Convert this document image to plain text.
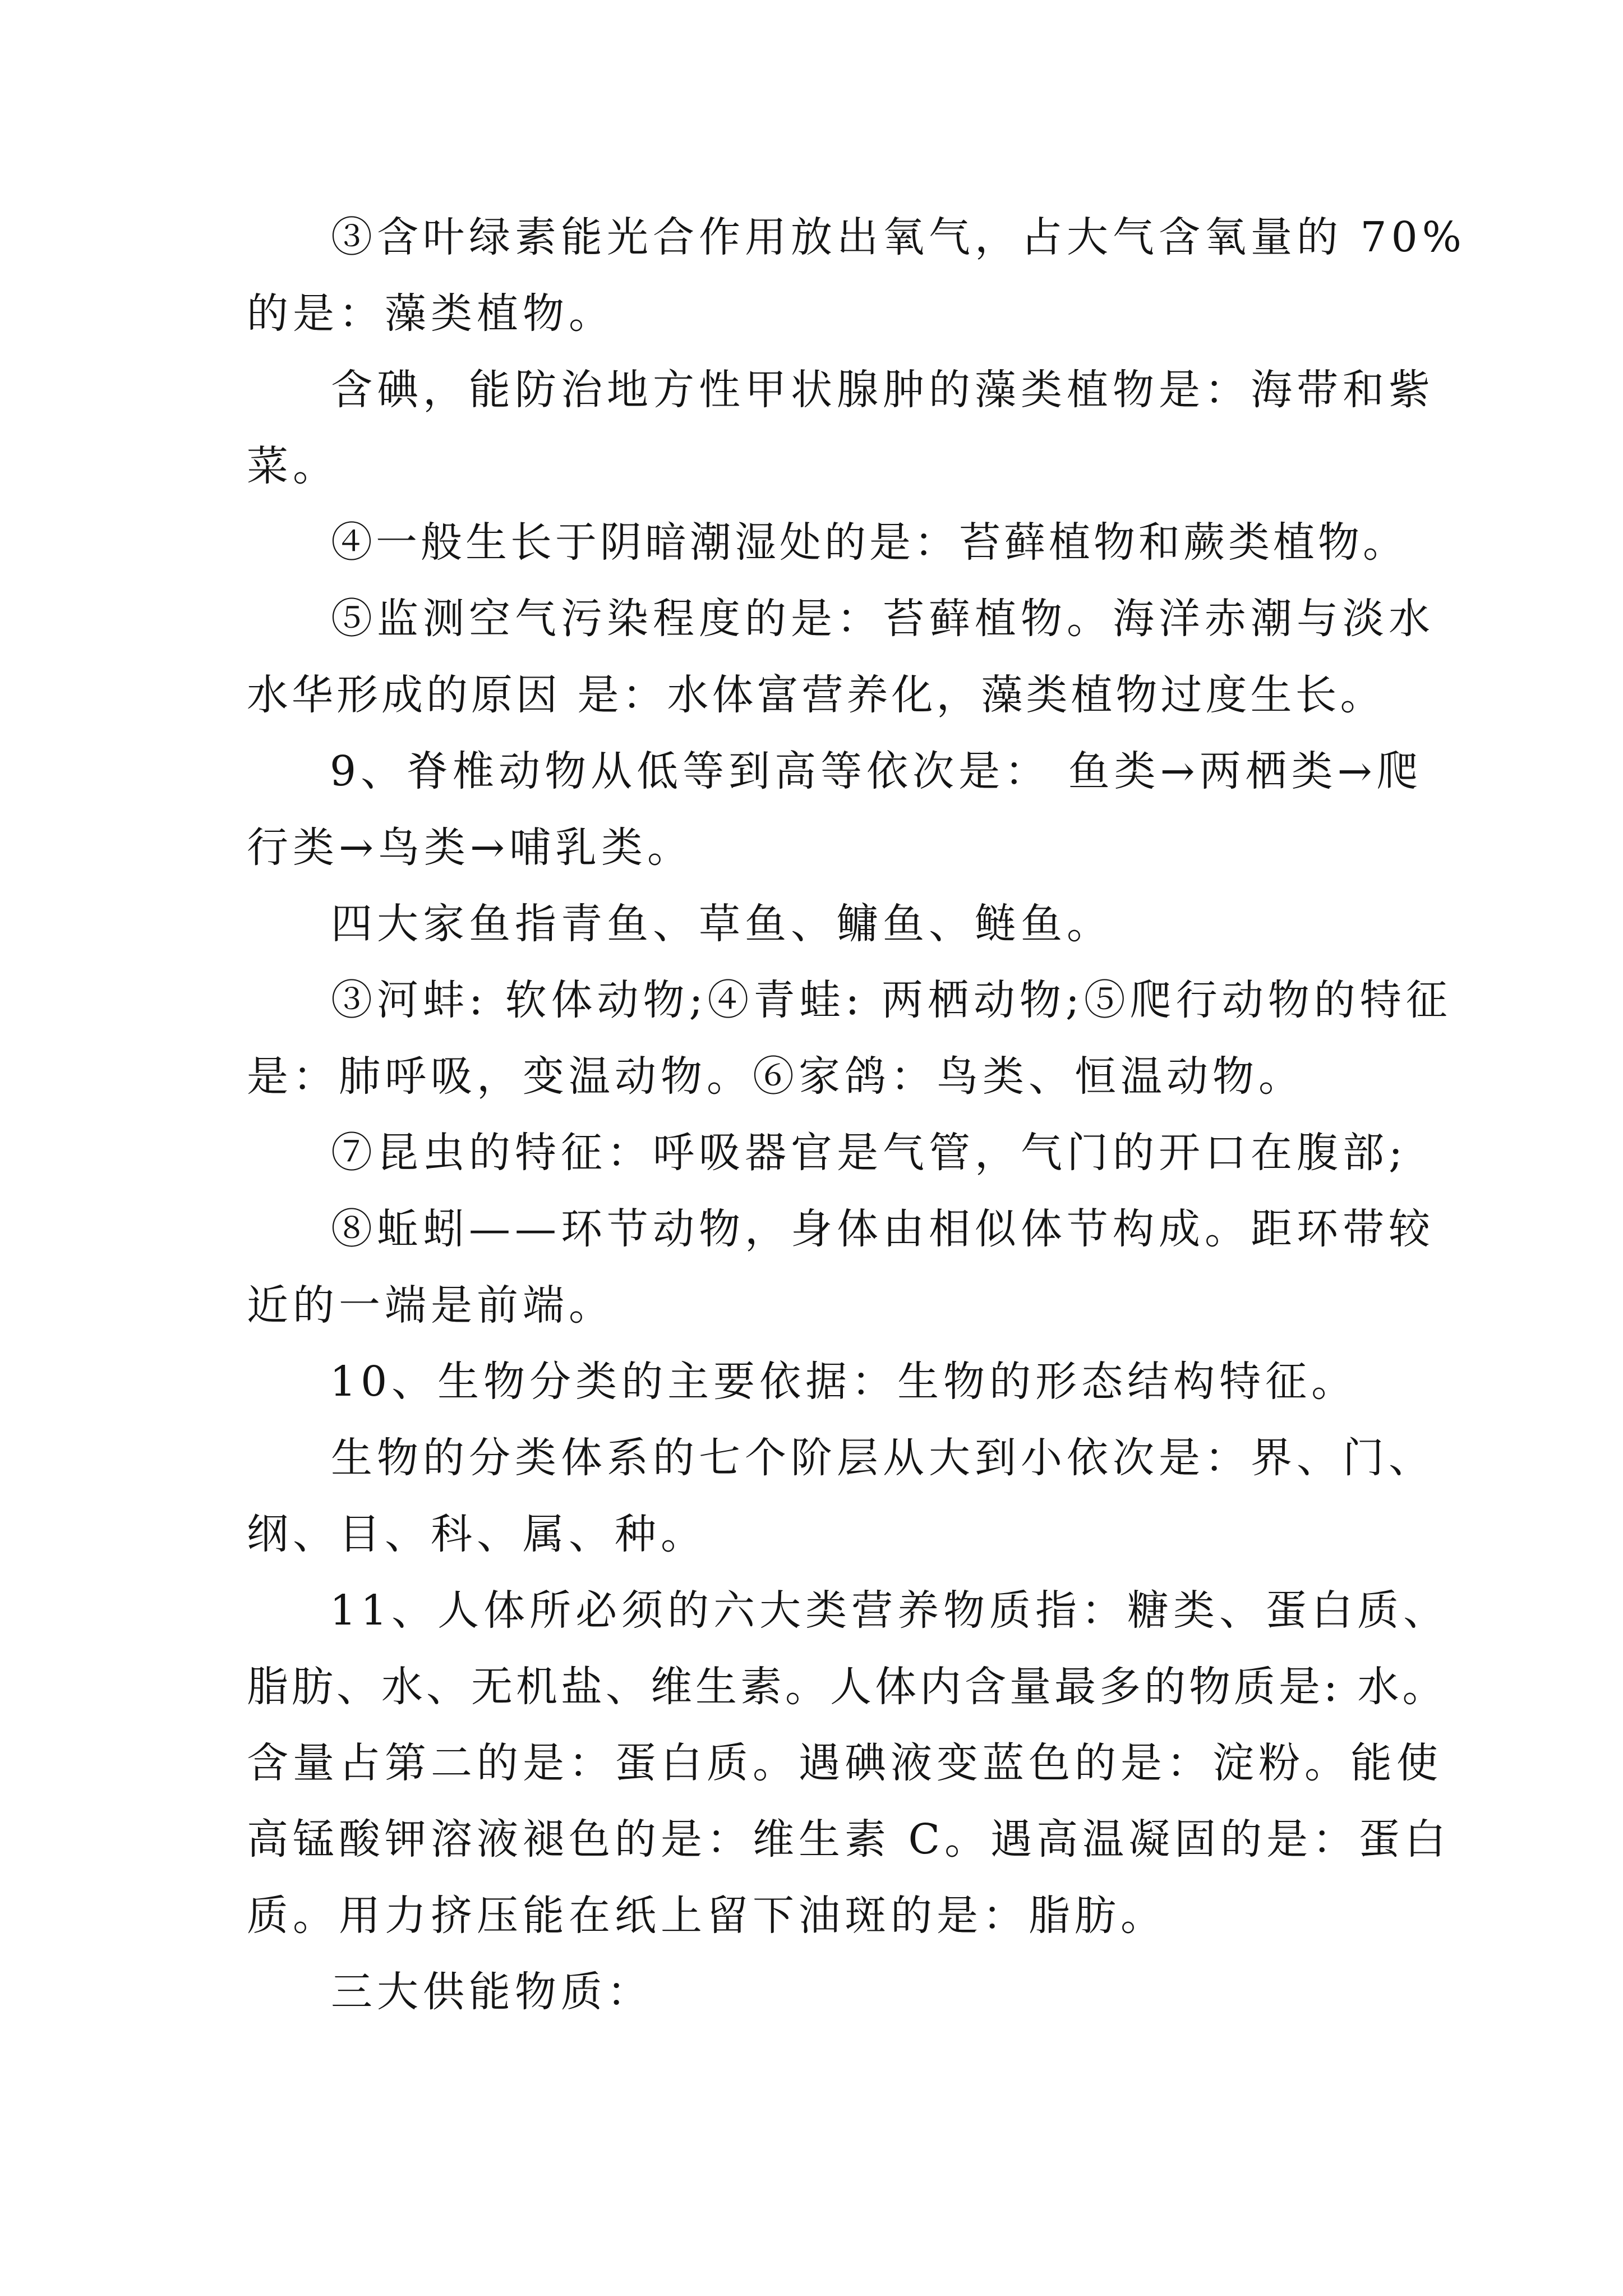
③含叶绿素能光合作用放出氧气，占大气含氧量的 70%

的是：藻类植物。

含碘，能防治地方性甲状腺肿的藻类植物是：海带和紫

菜。

④一般生长于阴暗潮湿处的是：苔藓植物和蕨类植物。

⑤监测空气污染程度的是：苔藓植物。海洋赤潮与淡水

水华形成的原因 是：水体富营养化，藻类植物过度生长。

9、脊椎动物从低等到高等依次是： 鱼类→两栖类→爬

行类→鸟类→哺乳类。

四大家鱼指青鱼、草鱼、鳙鱼、鲢鱼。

③河蚌: 软体动物;④青蛙: 两栖动物;⑤爬行动物的特征

是：肺呼吸，变温动物。⑥家鸽：鸟类、恒温动物。

⑦昆虫的特征：呼吸器官是气管，气门的开口在腹部;

⑧蚯蚓——环节动物，身体由相似体节构成。距环带较

近的一端是前端。

10、生物分类的主要依据：生物的形态结构特征。

生物的分类体系的七个阶层从大到小依次是：界、门、

纲、目、科、属、种。

11、人体所必须的六大类营养物质指：糖类、蛋白质、

脂肪、水、无机盐、维生素。人体内含量最多的物质是: 水。

含量占第二的是：蛋白质。遇碘液变蓝色的是：淀粉。能使

高锰酸钾溶液褪色的是：维生素 C。遇高温凝固的是：蛋白

质。用力挤压能在纸上留下油斑的是：脂肪。

三大供能物质：
